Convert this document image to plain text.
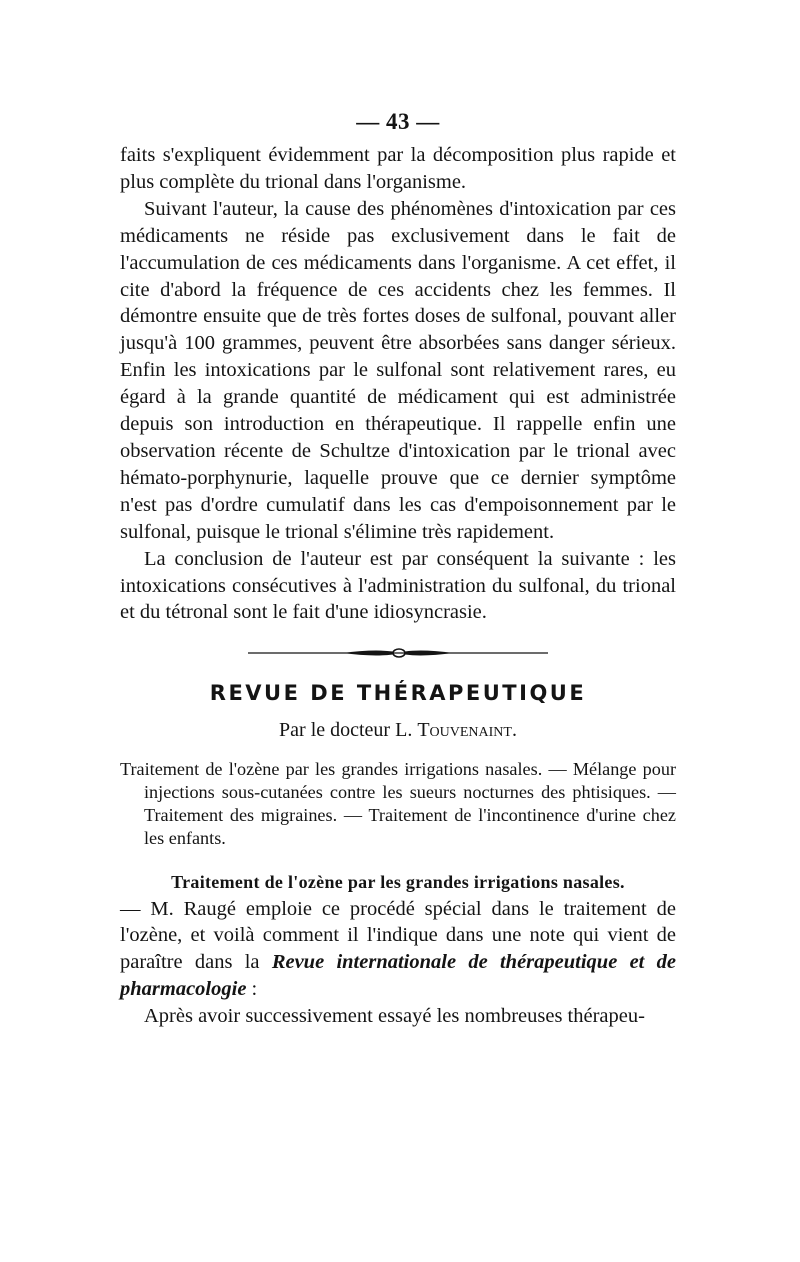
— 43 —

faits s'expliquent évidemment par la décomposition plus rapide et plus complète du trional dans l'organisme.

Suivant l'auteur, la cause des phénomènes d'intoxication par ces médicaments ne réside pas exclusivement dans le fait de l'accumulation de ces médicaments dans l'organisme. A cet effet, il cite d'abord la fréquence de ces accidents chez les femmes. Il démontre ensuite que de très fortes doses de sulfonal, pouvant aller jusqu'à 100 grammes, peuvent être absorbées sans danger sérieux. Enfin les intoxications par le sulfonal sont relativement rares, eu égard à la grande quantité de médicament qui est administrée depuis son introduction en thérapeutique. Il rappelle enfin une observation récente de Schultze d'intoxication par le trional avec hémato-porphynurie, laquelle prouve que ce dernier symptôme n'est pas d'ordre cumulatif dans les cas d'empoisonnement par le sulfonal, puisque le trional s'élimine très rapidement.

La conclusion de l'auteur est par conséquent la suivante : les intoxications consécutives à l'administration du sulfonal, du trional et du tétronal sont le fait d'une idiosyncrasie.

REVUE DE THÉRAPEUTIQUE
Par le docteur L. Touvenaint.

Traitement de l'ozène par les grandes irrigations nasales. — Mélange pour injections sous-cutanées contre les sueurs nocturnes des phtisiques. — Traitement des migraines. — Traitement de l'incontinence d'urine chez les enfants.

Traitement de l'ozène par les grandes irrigations nasales.

— M. Raugé emploie ce procédé spécial dans le traitement de l'ozène, et voilà comment il l'indique dans une note qui vient de paraître dans la Revue internationale de thérapeutique et de pharmacologie :

Après avoir successivement essayé les nombreuses thérapeu-
